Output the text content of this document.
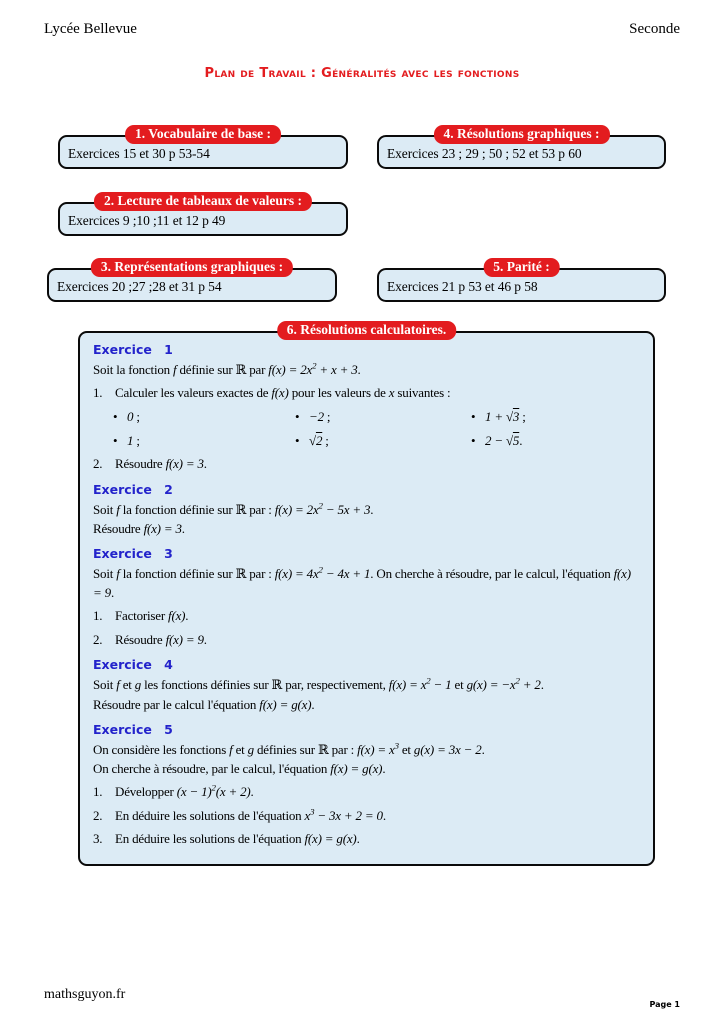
Lycée Bellevue	Seconde
Plan de Travail : Généralités avec les fonctions
1. Vocabulaire de base :
Exercices 15 et 30 p 53-54
4. Résolutions graphiques :
Exercices 23 ; 29 ; 50 ; 52 et 53 p 60
2. Lecture de tableaux de valeurs :
Exercices 9 ;10 ;11 et 12 p 49
3. Représentations graphiques :
Exercices 20 ;27 ;28 et 31 p 54
5. Parité :
Exercices 21 p 53 et 46 p 58
6. Résolutions calculatoires.
Exercice 1
Soit la fonction f définie sur ℝ par $f(x) = 2x^2 + x + 3$.
1. Calculer les valeurs exactes de f(x) pour les valeurs de x suivantes :
• 0 ;	• −2 ;	• 1 + √3 ;
• 1 ;	• √2 ;	• 2 − √5.
2. Résoudre f(x) = 3.
Exercice 2
Soit f la fonction définie sur ℝ par : $f(x) = 2x^2 - 5x + 3$.
Résoudre f(x) = 3.
Exercice 3
Soit f la fonction définie sur ℝ par : $f(x) = 4x^2 - 4x + 1$. On cherche à résoudre, par le calcul, l'équation f(x) = 9.
1. Factoriser f(x).
2. Résoudre f(x) = 9.
Exercice 4
Soit f et g les fonctions définies sur ℝ par, respectivement, $f(x) = x^2 - 1$ et $g(x) = -x^2 + 2$.
Résoudre par le calcul l'équation f(x) = g(x).
Exercice 5
On considère les fonctions f et g définies sur ℝ par : $f(x) = x^3$ et g(x) = 3x − 2.
On cherche à résoudre, par le calcul, l'équation f(x) = g(x).
1. Développer $(x - 1)^2(x + 2)$.
2. En déduire les solutions de l'équation $x^3 - 3x + 2 = 0$.
3. En déduire les solutions de l'équation f(x) = g(x).
mathsguyon.fr
Page 1
